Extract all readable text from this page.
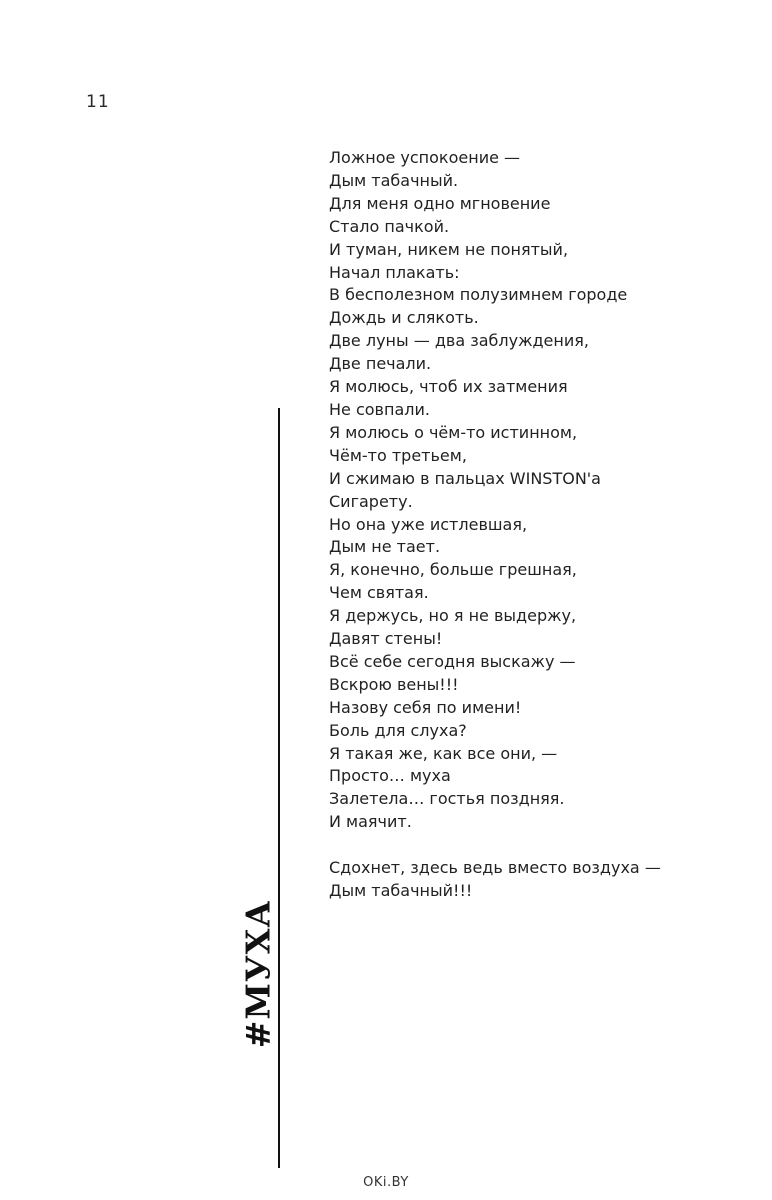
11
Ложное успокоение —
Дым табачный.
Для меня одно мгновение
Стало пачкой.
И туман, никем не понятый,
Начал плакать:
В бесполезном полузимнем городе
Дождь и слякоть.
Две луны — два заблуждения,
Две печали.
Я молюсь, чтоб их затмения
Не совпали.
Я молюсь о чём-то истинном,
Чём-то третьем,
И сжимаю в пальцах WINSTON'a
Сигарету.
Но она уже истлевшая,
Дым не тает.
Я, конечно, больше грешная,
Чем святая.
Я держусь, но я не выдержу,
Давят стены!
Всё себе сегодня выскажу —
Вскрою вены!!!
Назову себя по имени!
Боль для слуха?
Я такая же, как все они, —
Просто… муха
Залетела… гостья поздняя.
И маячит.
Сдохнет, здесь ведь вместо воздуха —
Дым табачный!!!
#МУХА
OKi.BY
